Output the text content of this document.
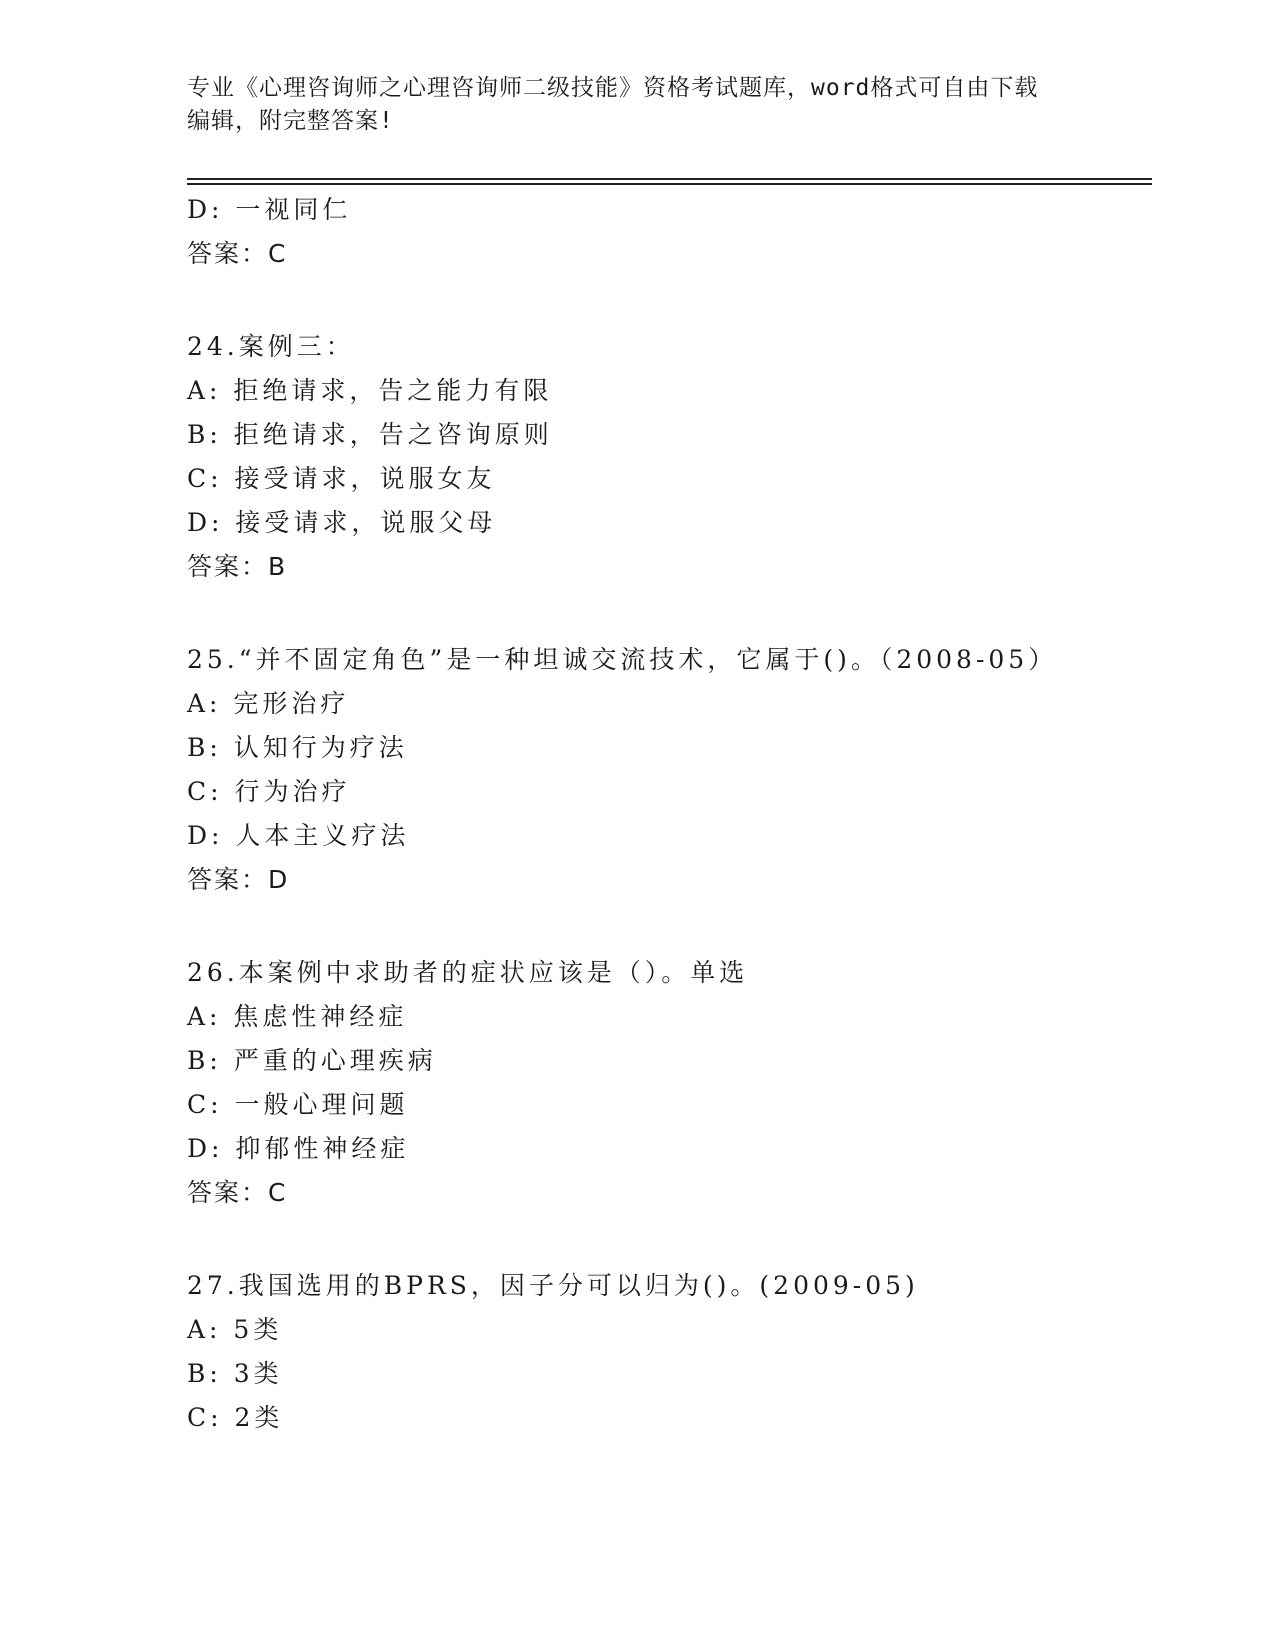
专业《心理咨询师之心理咨询师二级技能》资格考试题库，word格式可自由下载
编辑，附完整答案!
D: 一视同仁
答案：C
24.案例三：
A: 拒绝请求，告之能力有限
B: 拒绝请求，告之咨询原则
C: 接受请求，说服女友
D: 接受请求，说服父母
答案：B
25.“并不固定角色”是一种坦诚交流技术，它属于()。（2008-05）
A: 完形治疗
B: 认知行为疗法
C: 行为治疗
D: 人本主义疗法
答案：D
26.本案例中求助者的症状应该是（）。单选
A: 焦虑性神经症
B: 严重的心理疾病
C: 一般心理问题
D: 抑郁性神经症
答案：C
27.我国选用的BPRS，因子分可以归为()。(2009-05)
A: 5类
B: 3类
C: 2类
